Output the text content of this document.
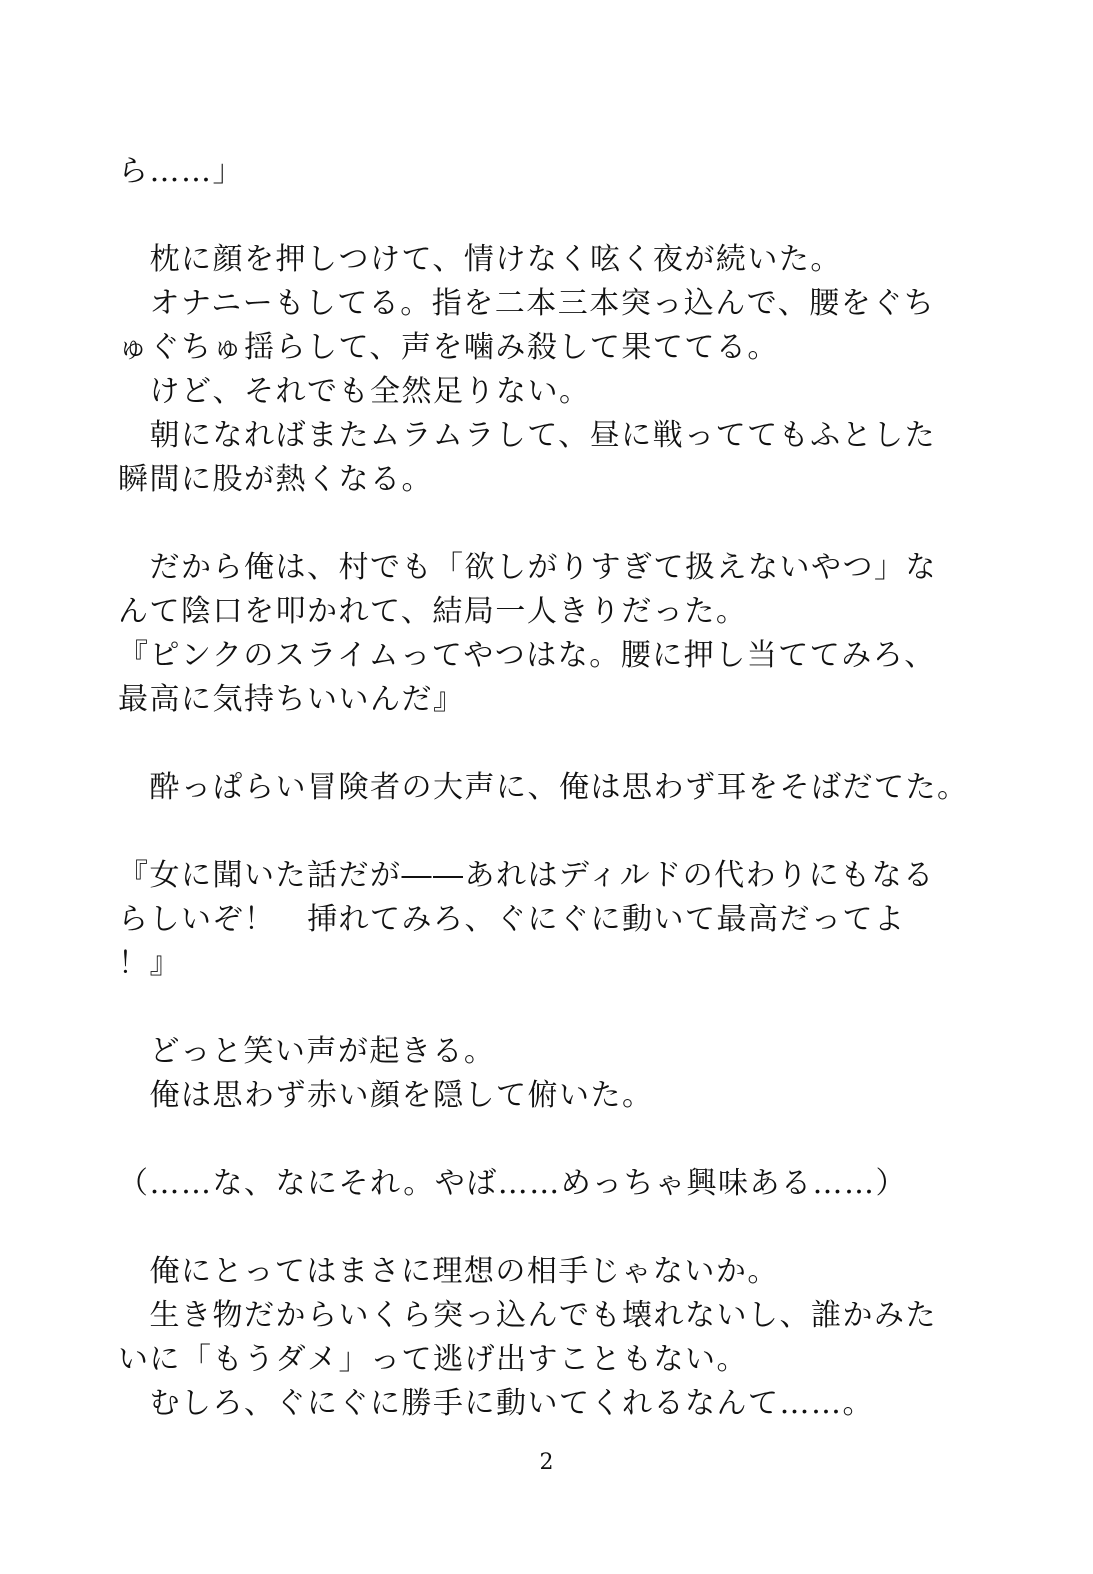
ら……」
　枕に顔を押しつけて、情けなく呟く夜が続いた。
　オナニーもしてる。指を二本三本突っ込んで、腰をぐち
ゅぐちゅ揺らして、声を噛み殺して果ててる。
　けど、それでも全然足りない。
　朝になればまたムラムラして、昼に戦っててもふとした
瞬間に股が熱くなる。
　だから俺は、村でも「欲しがりすぎて扱えないやつ」な
んて陰口を叩かれて、結局一人きりだった。
『ピンクのスライムってやつはな。腰に押し当ててみろ、
最高に気持ちいいんだ』
　酔っぱらい冒険者の大声に、俺は思わず耳をそばだてた。
『女に聞いた話だが――あれはディルドの代わりにもなる
らしいぞ！　挿れてみろ、ぐにぐに動いて最高だってよ
！』
　どっと笑い声が起きる。
　俺は思わず赤い顔を隠して俯いた。
（……な、なにそれ。やば……めっちゃ興味ある……）
　俺にとってはまさに理想の相手じゃないか。
　生き物だからいくら突っ込んでも壊れないし、誰かみた
いに「もうダメ」って逃げ出すこともない。
　むしろ、ぐにぐに勝手に動いてくれるなんて……。
2
